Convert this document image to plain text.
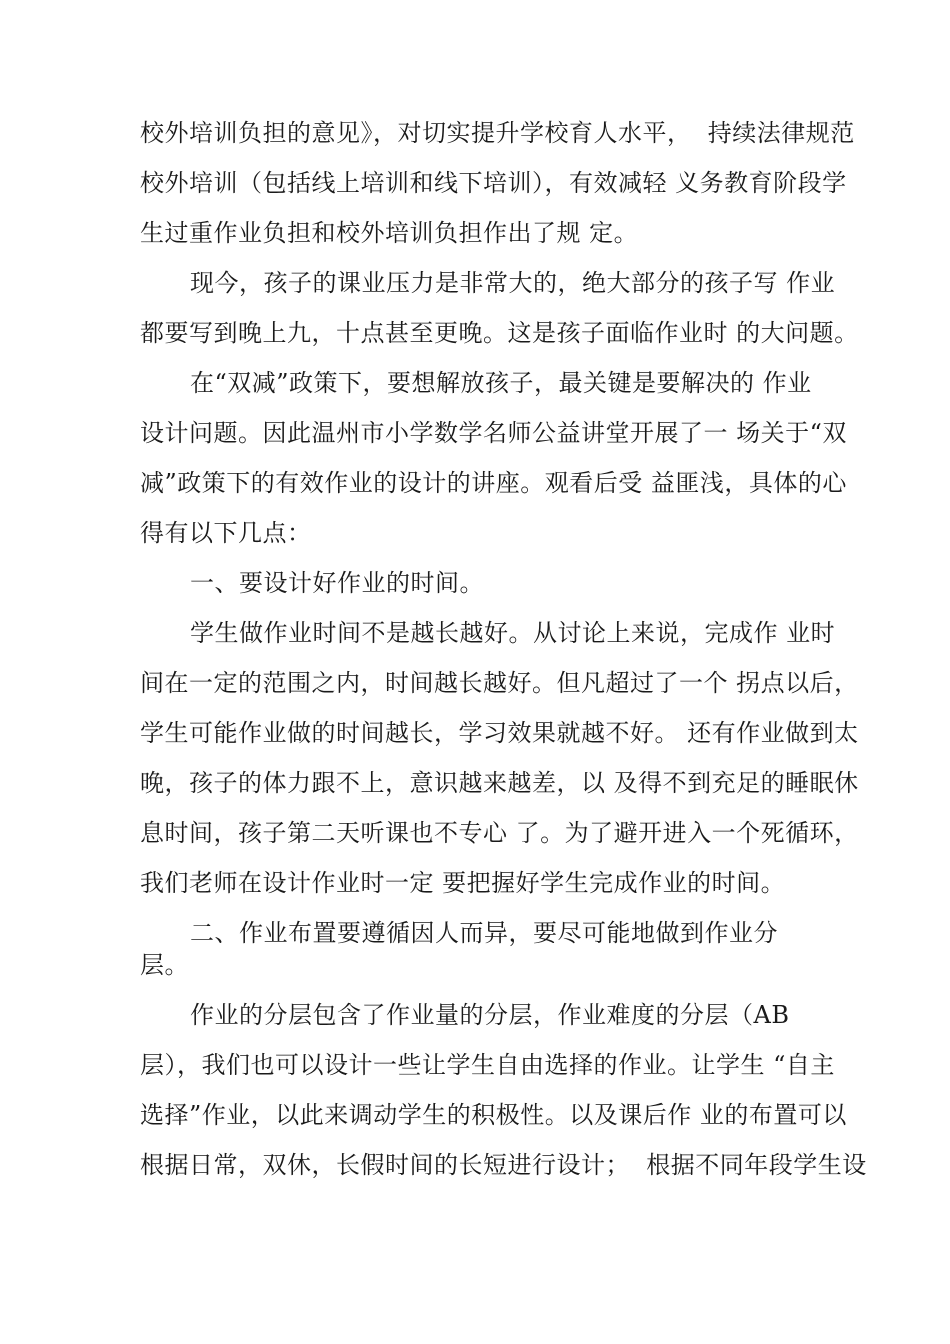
校外培训负担的意见》，对切实提升学校育人水平，  持续法律规范
校外培训（包括线上培训和线下培训），有效减轻 义务教育阶段学
生过重作业负担和校外培训负担作出了规 定。
现今，孩子的课业压力是非常大的，绝大部分的孩子写 作业
都要写到晚上九，十点甚至更晚。这是孩子面临作业时 的大问题。
在“双减”政策下，要想解放孩子，最关键是要解决的 作业
设计问题。因此温州市小学数学名师公益讲堂开展了一 场关于“双
减”政策下的有效作业的设计的讲座。观看后受 益匪浅，具体的心
得有以下几点：
一、要设计好作业的时间。
学生做作业时间不是越长越好。从讨论上来说，完成作 业时
间在一定的范围之内，时间越长越好。但凡超过了一个 拐点以后，
学生可能作业做的时间越长，学习效果就越不好。 还有作业做到太
晚，孩子的体力跟不上，意识越来越差，以 及得不到充足的睡眠休
息时间，孩子第二天听课也不专心 了。为了避开进入一个死循环，
我们老师在设计作业时一定 要把握好学生完成作业的时间。
二、作业布置要遵循因人而异，要尽可能地做到作业分
层。
作业的分层包含了作业量的分层，作业难度的分层（AB
层），我们也可以设计一些让学生自由选择的作业。让学生 “自主
选择”作业，以此来调动学生的积极性。以及课后作 业的布置可以
根据日常，双休，长假时间的长短进行设计；  根据不同年段学生设
